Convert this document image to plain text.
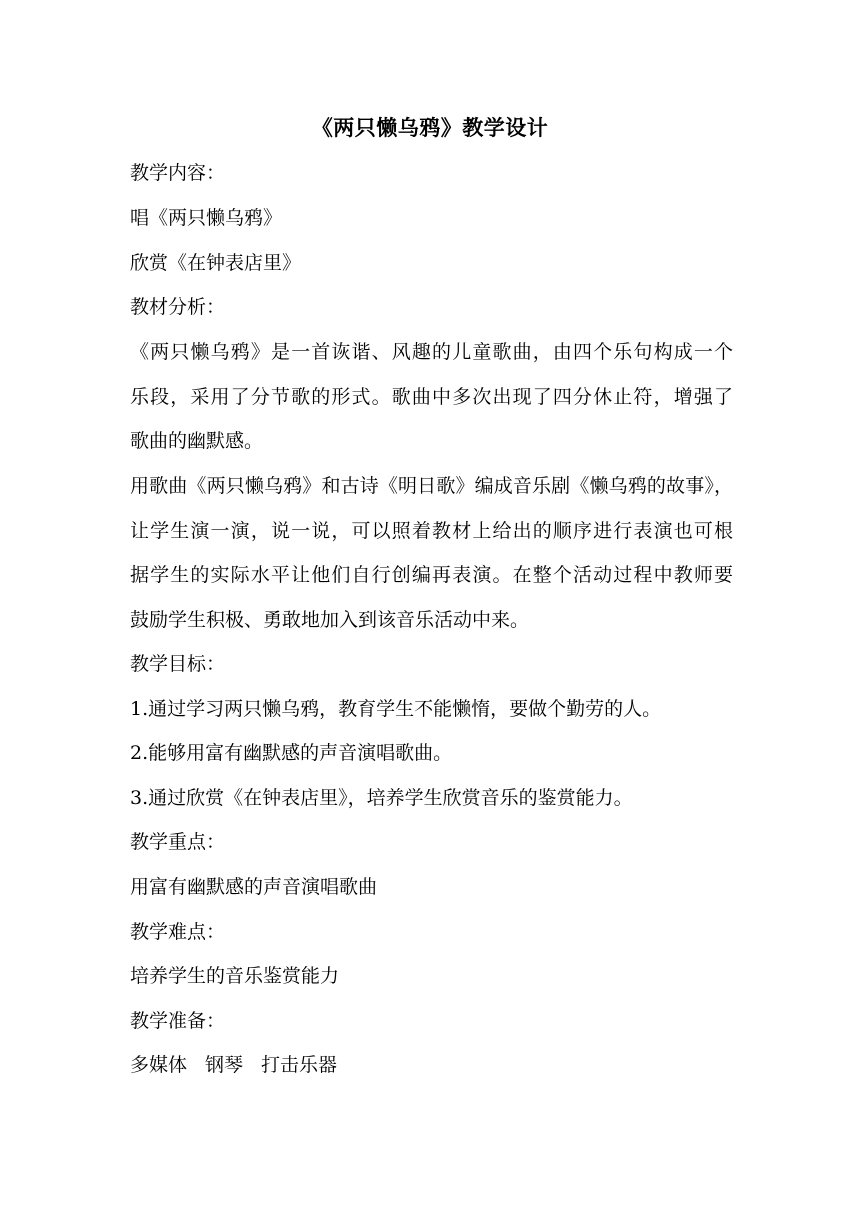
《两只懒乌鸦》教学设计
教学内容：
唱《两只懒乌鸦》
欣赏《在钟表店里》
教材分析：
《两只懒乌鸦》是一首诙谐、风趣的儿童歌曲，由四个乐句构成一个
乐段，采用了分节歌的形式。歌曲中多次出现了四分休止符，增强了
歌曲的幽默感。
用歌曲《两只懒乌鸦》和古诗《明日歌》编成音乐剧《懒乌鸦的故事》，
让学生演一演，说一说，可以照着教材上给出的顺序进行表演也可根
据学生的实际水平让他们自行创编再表演。在整个活动过程中教师要
鼓励学生积极、勇敢地加入到该音乐活动中来。
教学目标：
1.通过学习两只懒乌鸦，教育学生不能懒惰，要做个勤劳的人。
2.能够用富有幽默感的声音演唱歌曲。
3.通过欣赏《在钟表店里》，培养学生欣赏音乐的鉴赏能力。
教学重点：
用富有幽默感的声音演唱歌曲
教学难点：
培养学生的音乐鉴赏能力
教学准备：
多媒体 钢琴 打击乐器
